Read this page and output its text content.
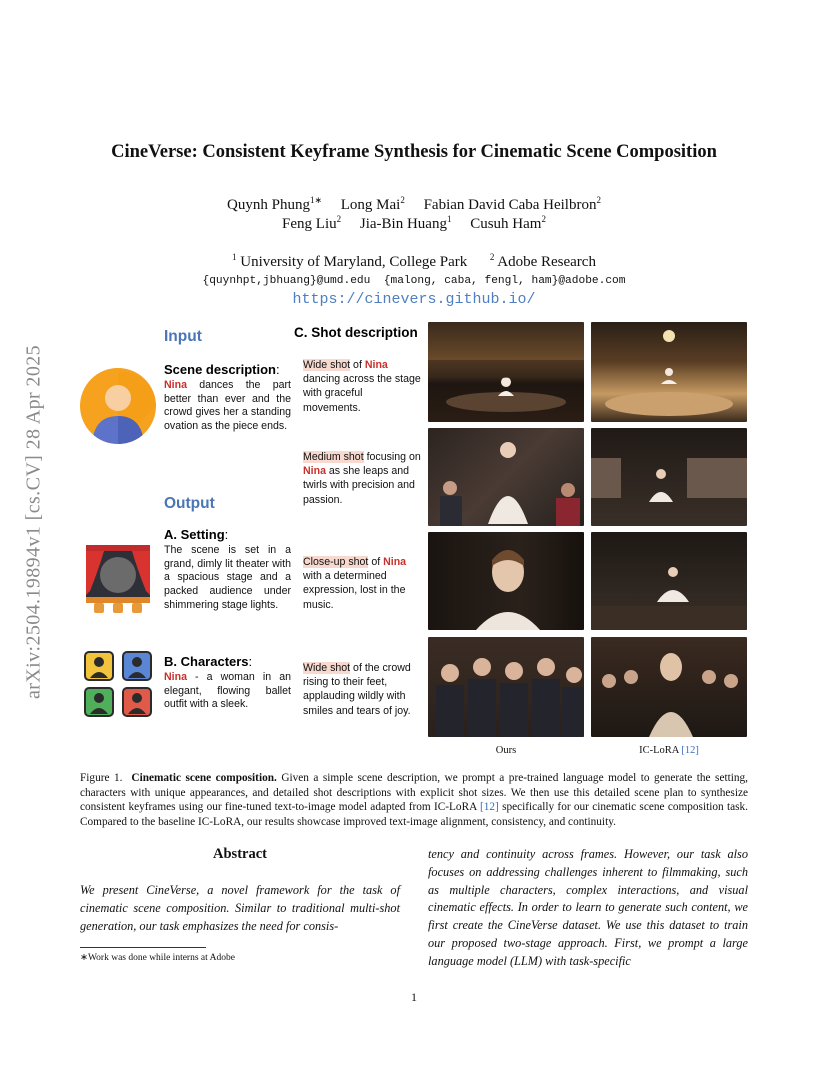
arXiv:2504.19894v1 [cs.CV] 28 Apr 2025
CineVerse: Consistent Keyframe Synthesis for Cinematic Scene Composition
Quynh Phung$^{1∗}$ Long Mai$^2$ Fabian David Caba Heilbron$^2$
Feng Liu$^2$ Jia-Bin Huang$^1$ Cusuh Ham$^2$
$^1$ University of Maryland, College Park	$^2$ Adobe Research
{quynhpt,jbhuang}@umd.edu {malong, caba, fengl, ham}@adobe.com
https://cinevers.github.io/
Input
Scene description:
Nina dances the part better than ever and the crowd gives her a standing ovation as the piece ends.
Output
A. Setting:
The scene is set in a grand, dimly lit theater with a spacious stage and a packed audience under shimmering stage lights.
B. Characters:
Nina - a woman in an elegant, flowing ballet outfit with a sleek.
C. Shot description
Wide shot of Nina dancing across the stage with graceful movements.
Medium shot focusing on Nina as she leaps and twirls with precision and passion.
Close-up shot of Nina with a determined expression, lost in the music.
Wide shot of the crowd rising to their feet, applauding wildly with smiles and tears of joy.
Ours	IC-LoRA [12]
Figure 1. Cinematic scene composition. Given a simple scene description, we prompt a pre-trained language model to generate the setting, characters with unique appearances, and detailed shot descriptions with explicit shot sizes. We then use this detailed scene plan to synthesize consistent keyframes using our fine-tuned text-to-image model adapted from IC-LoRA [12] specifically for our cinematic scene composition task. Compared to the baseline IC-LoRA, our results showcase improved text-image alignment, consistency, and continuity.
Abstract
We present CineVerse, a novel framework for the task of cinematic scene composition. Similar to traditional multi-shot generation, our task emphasizes the need for consis-
tency and continuity across frames. However, our task also focuses on addressing challenges inherent to filmmaking, such as multiple characters, complex interactions, and visual cinematic effects. In order to learn to generate such content, we first create the CineVerse dataset. We use this dataset to train our proposed two-stage approach. First, we prompt a large language model (LLM) with task-specific
∗Work was done while interns at Adobe
1
